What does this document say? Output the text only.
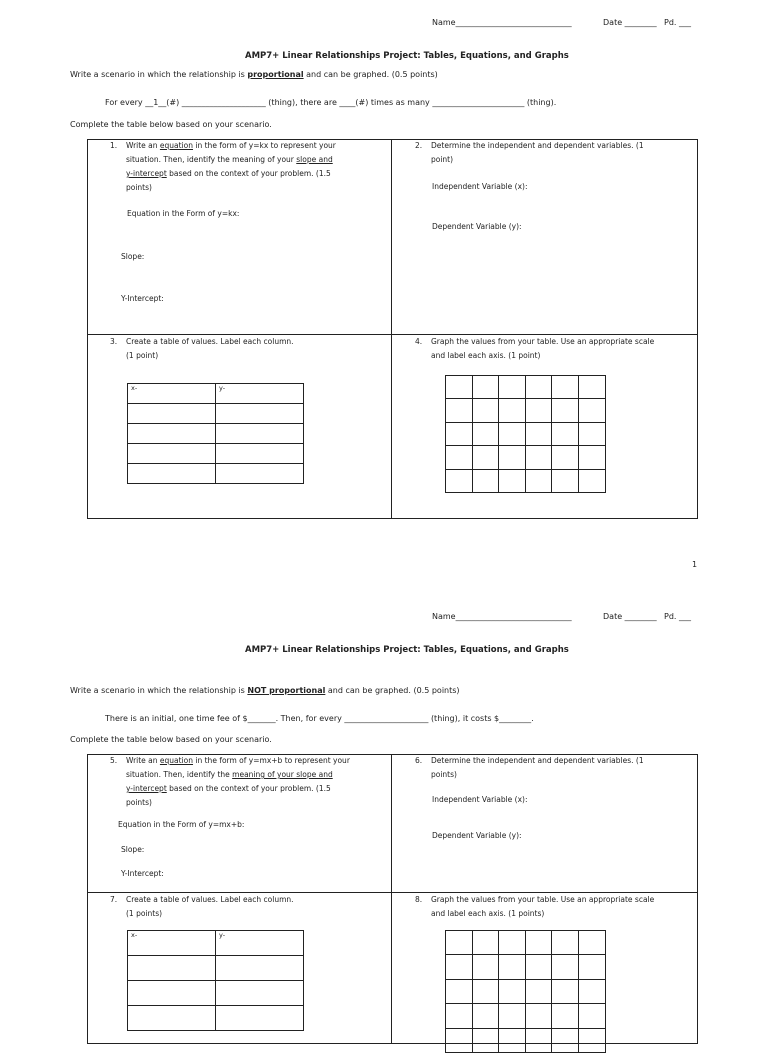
Name_____________________________	Date ________ Pd. ___
AMP7+ Linear Relationships Project: Tables, Equations, and Graphs
Write a scenario in which the relationship is proportional and can be graphed. (0.5 points)
For every __1__(#) _____________________ (thing), there are ____(#) times as many _______________________ (thing).
Complete the table below based on your scenario.
1. Write an equation in the form of y=kx to represent your
situation. Then, identify the meaning of your slope and
y-intercept based on the context of your problem. (1.5
points)
Equation in the Form of y=kx:
Slope:
Y-Intercept:
2. Determine the independent and dependent variables. (1
point)
Independent Variable (x):
Dependent Variable (y):
3. Create a table of values. Label each column.
(1 point)
x-	y-

4. Graph the values from your table. Use an appropriate scale
and label each axis. (1 point)
1
Name_____________________________	Date ________ Pd. ___
AMP7+ Linear Relationships Project: Tables, Equations, and Graphs
Write a scenario in which the relationship is NOT proportional and can be graphed. (0.5 points)
There is an initial, one time fee of $_______. Then, for every _____________________ (thing), it costs $________.
Complete the table below based on your scenario.
5. Write an equation in the form of y=mx+b to represent your
situation. Then, identify the meaning of your slope and
y-intercept based on the context of your problem. (1.5
points)
Equation in the Form of y=mx+b:
Slope:
Y-Intercept:
6. Determine the independent and dependent variables. (1
points)
Independent Variable (x):
Dependent Variable (y):
7. Create a table of values. Label each column.
(1 points)
x-	y-

8. Graph the values from your table. Use an appropriate scale
and label each axis. (1 points)
